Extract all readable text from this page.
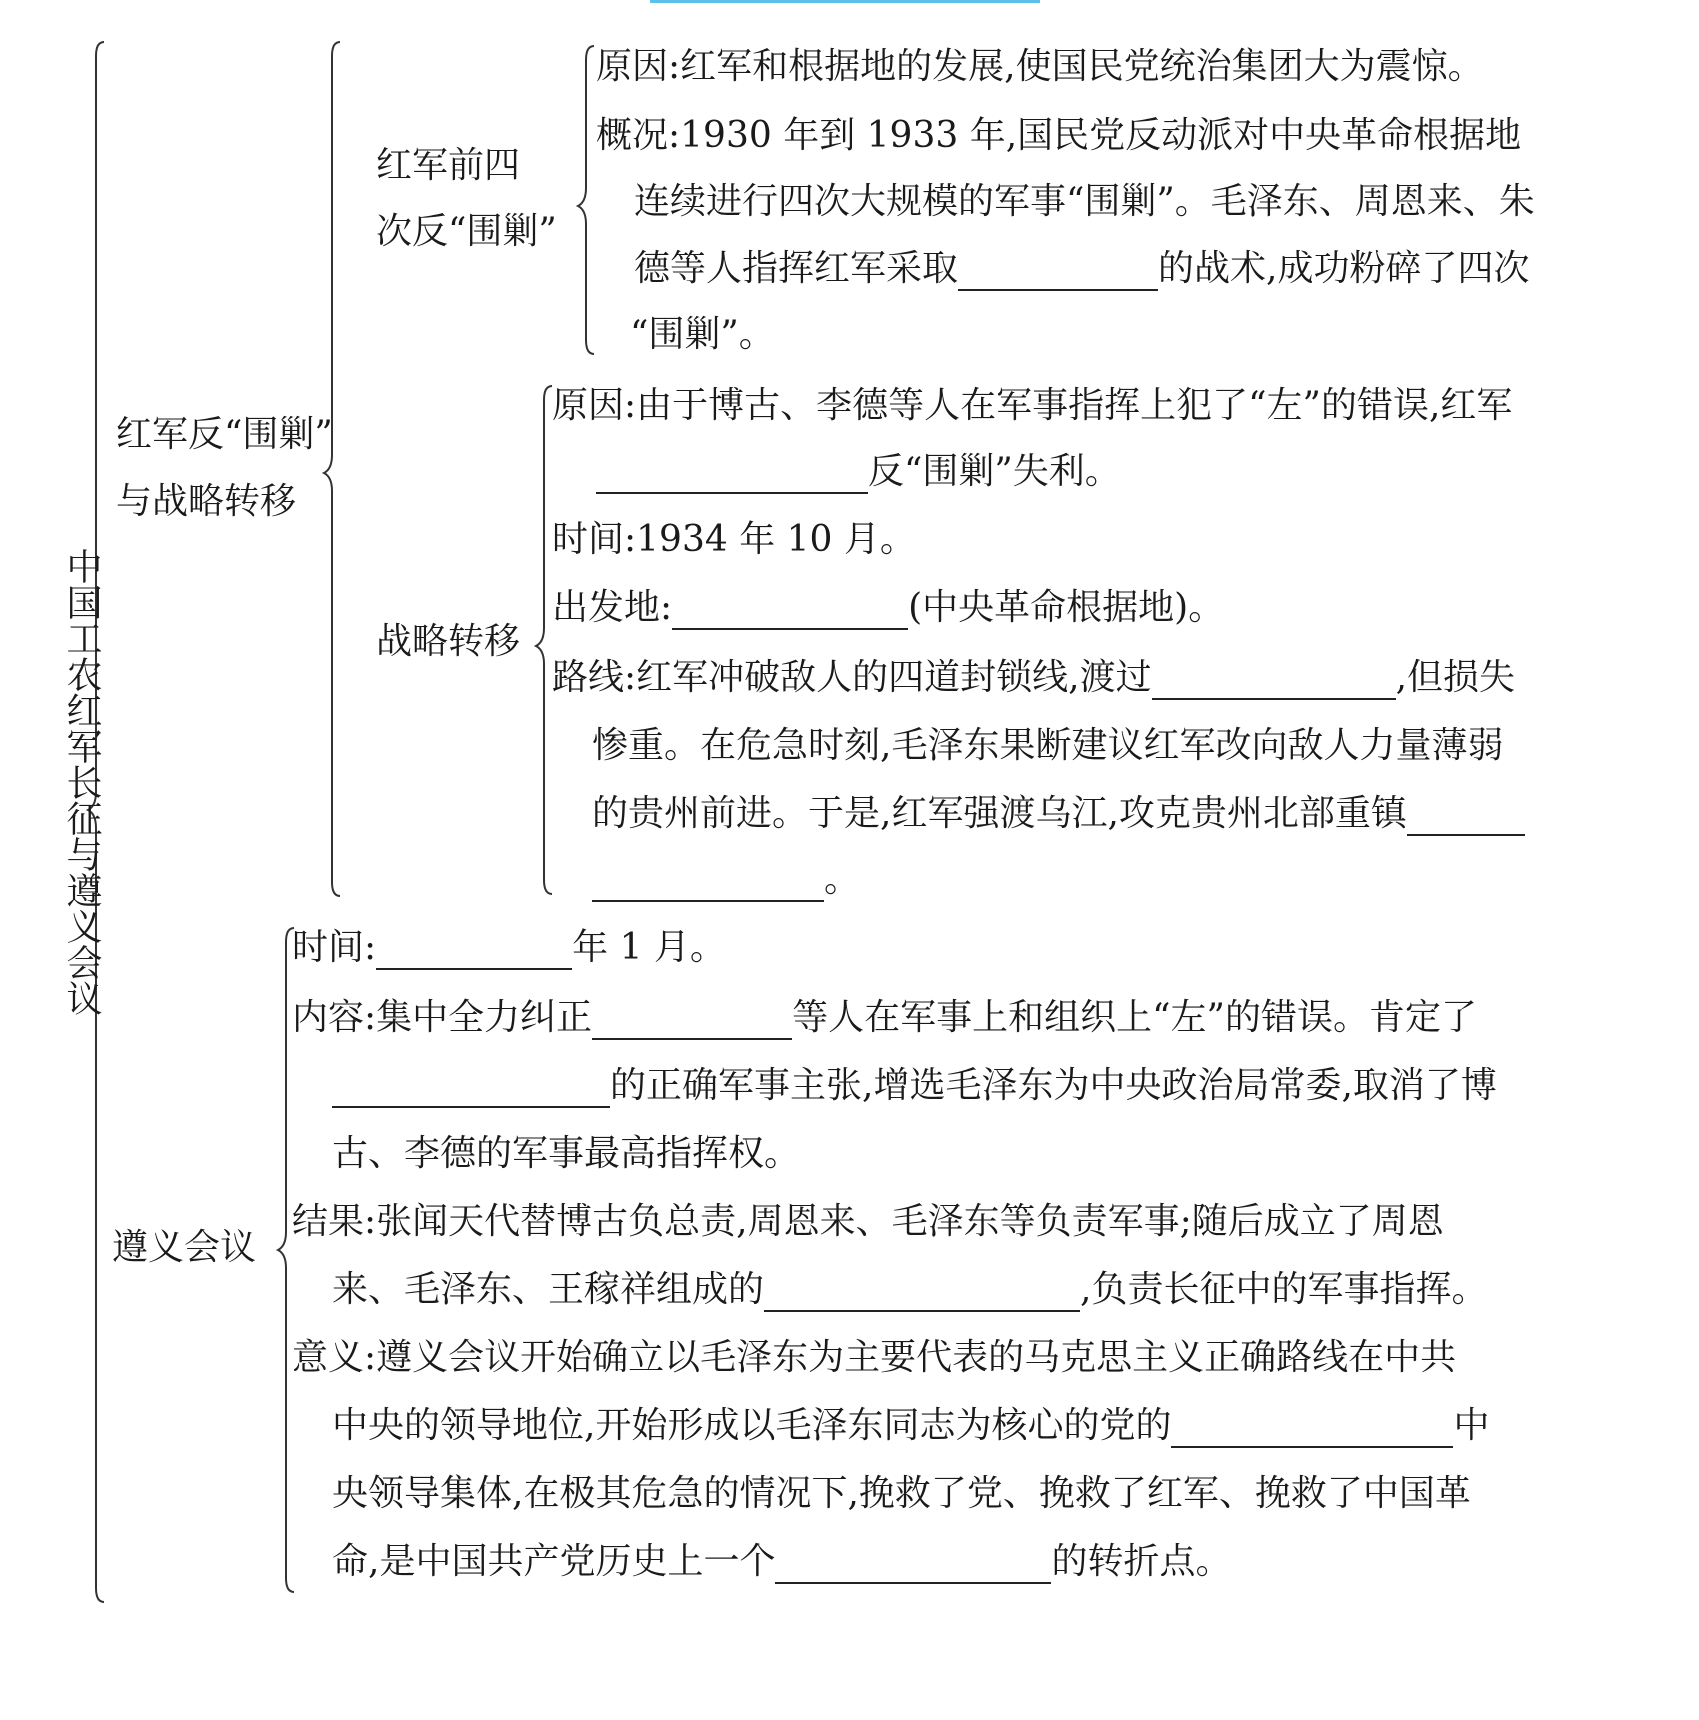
中国工农红军长征与遵义会议
红军反“围剿”
与战略转移
红军前四
次反“围剿”
原因:红军和根据地的发展,使国民党统治集团大为震惊。
概况:1930 年到 1933 年,国民党反动派对中央革命根据地
连续进行四次大规模的军事“围剿”。毛泽东、周恩来、朱
德等人指挥红军采取	的战术,成功粉碎了四次
“围剿”。
战略转移
原因:由于博古、李德等人在军事指挥上犯了“左”的错误,红军
反“围剿”失利。
时间:1934 年 10 月。
出发地:	(中央革命根据地)。
路线:红军冲破敌人的四道封锁线,渡过	,但损失
惨重。在危急时刻,毛泽东果断建议红军改向敌人力量薄弱
的贵州前进。于是,红军强渡乌江,攻克贵州北部重镇
。
遵义会议
时间:	年 1 月。
内容:集中全力纠正	等人在军事上和组织上“左”的错误。肯定了
的正确军事主张,增选毛泽东为中央政治局常委,取消了博
古、李德的军事最高指挥权。
结果:张闻天代替博古负总责,周恩来、毛泽东等负责军事;随后成立了周恩
来、毛泽东、王稼祥组成的	,负责长征中的军事指挥。
意义:遵义会议开始确立以毛泽东为主要代表的马克思主义正确路线在中共
中央的领导地位,开始形成以毛泽东同志为核心的党的	中
央领导集体,在极其危急的情况下,挽救了党、挽救了红军、挽救了中国革
命,是中国共产党历史上一个	的转折点。
